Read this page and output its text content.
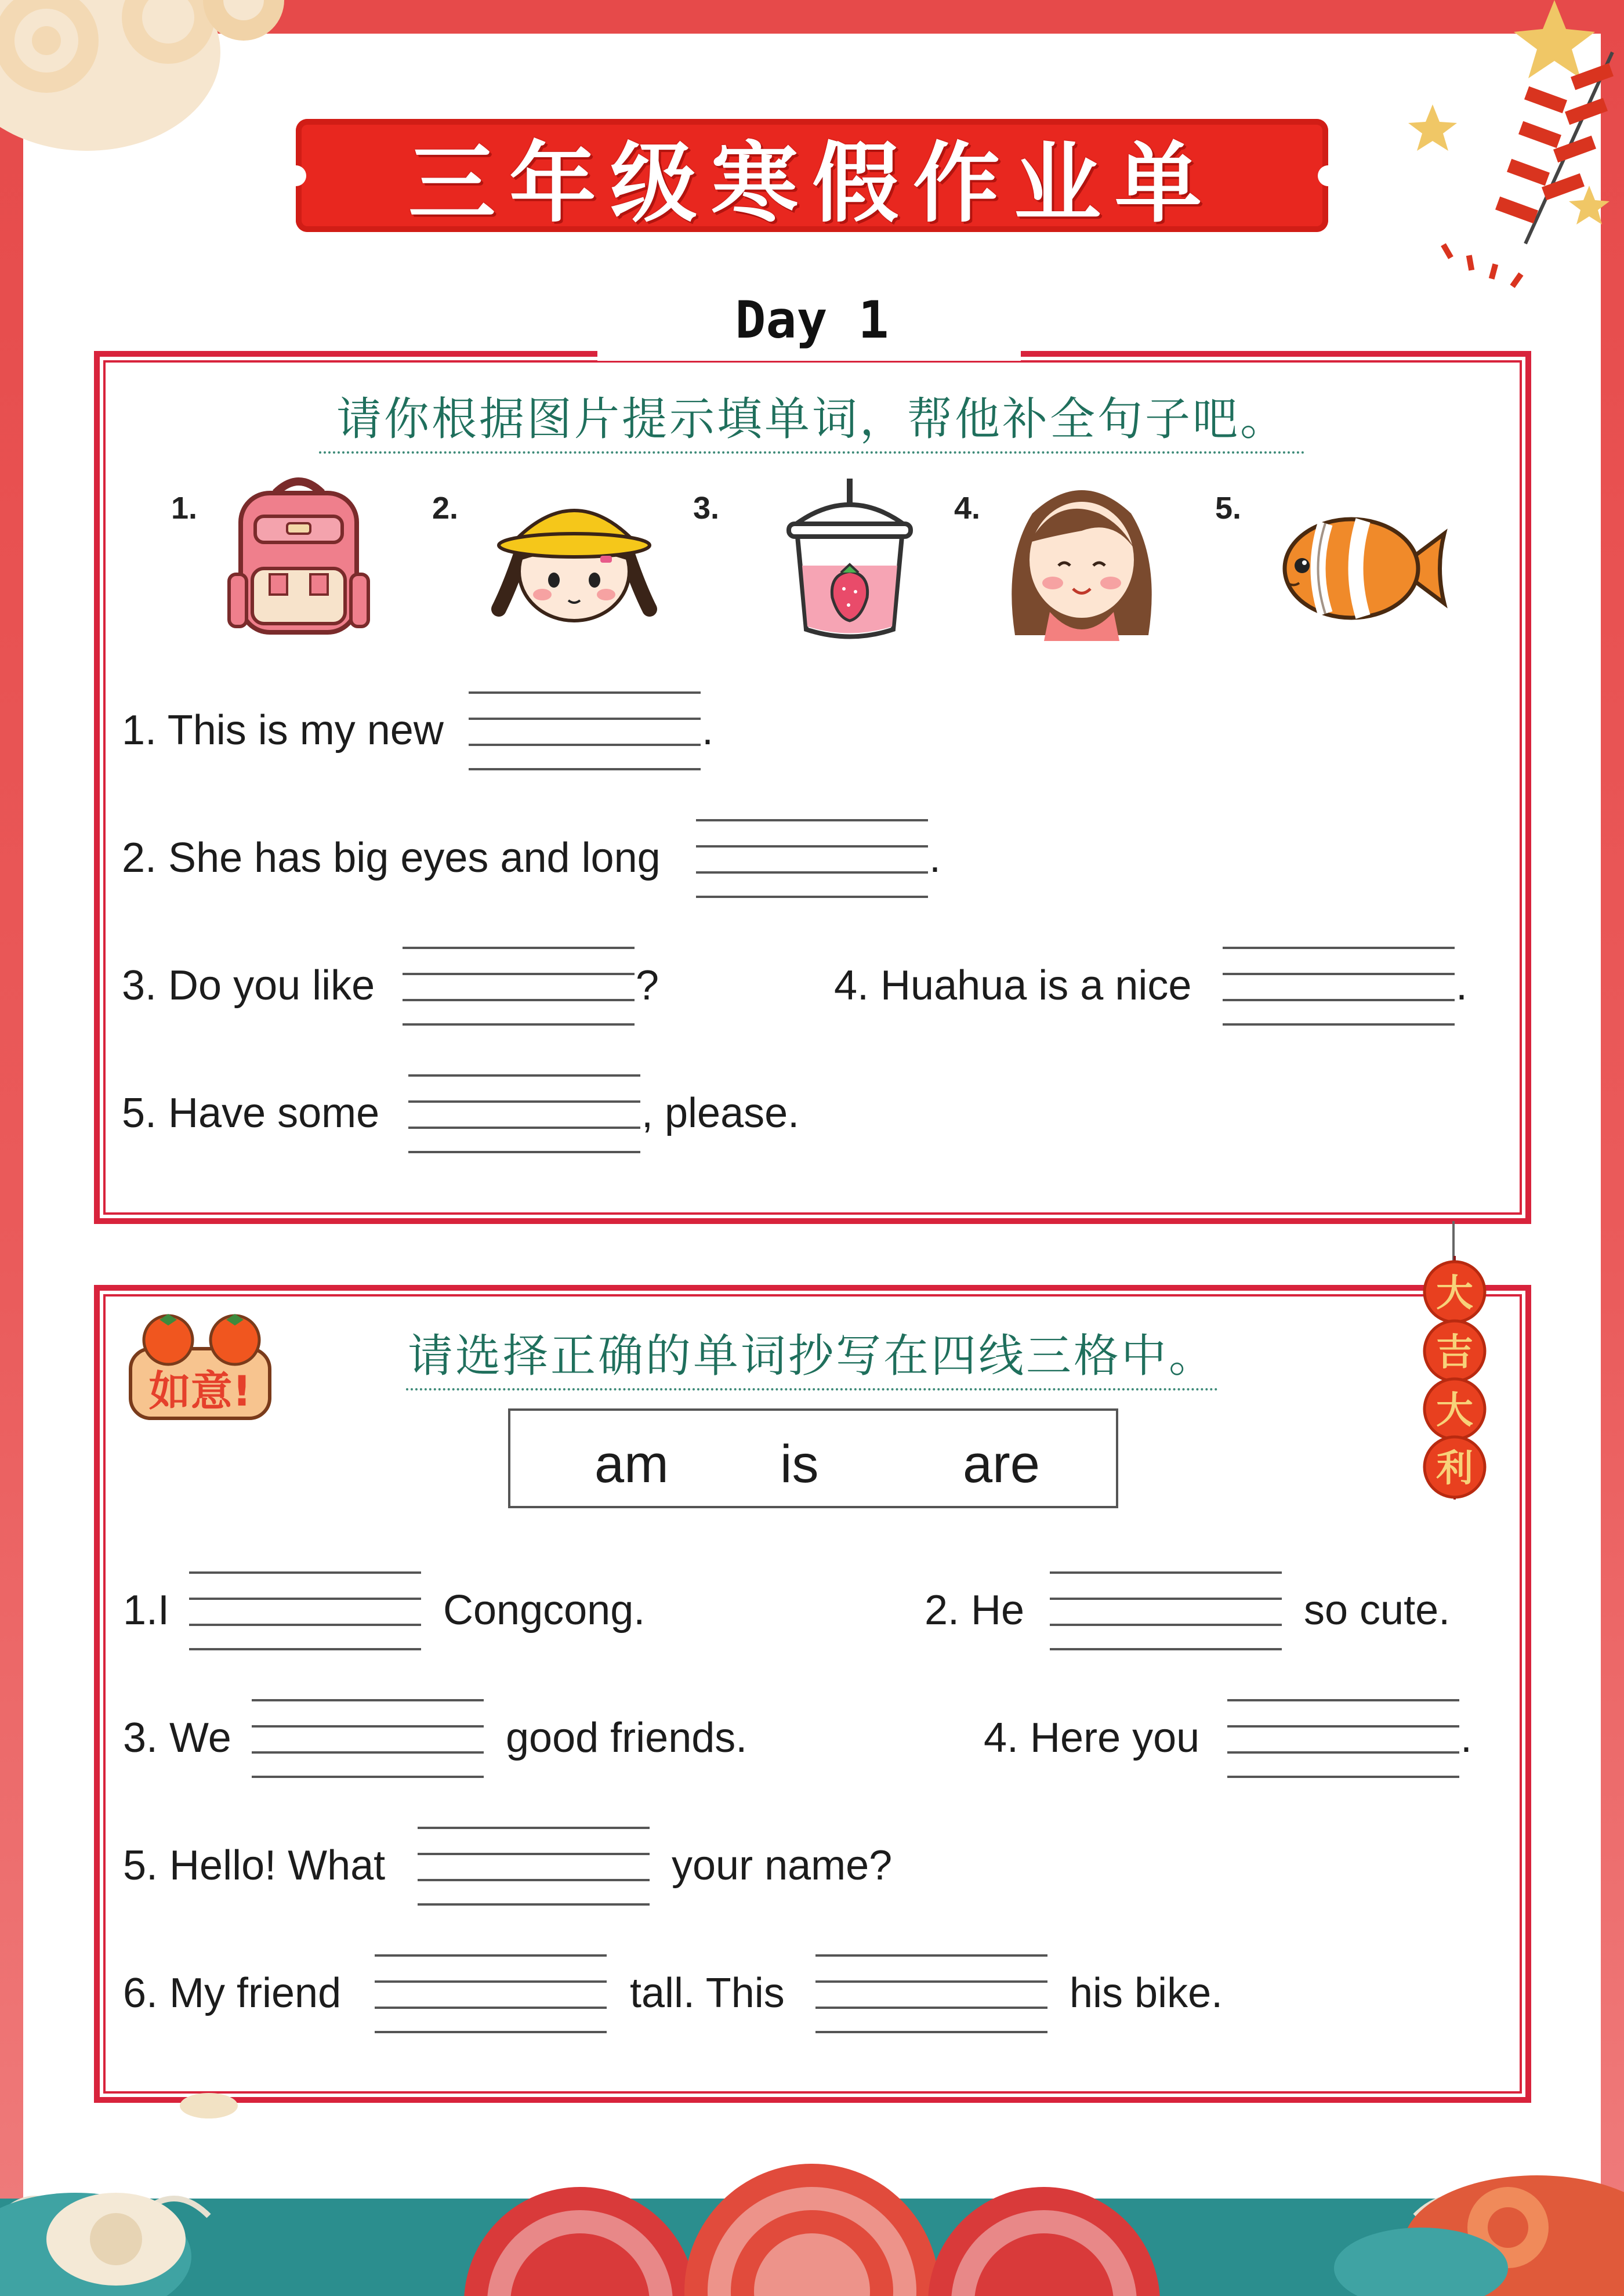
三年级寒假作业单
Day 1
请你根据图片提示填单词，帮他补全句子吧。
1.	2.	3.	4.	5.
1. This is my new	.
2. She has big eyes and long	.
3. Do you like	?	4. Huahua is a nice	.
5. Have some	, please.
如意!
请选择正确的单词抄写在四线三格中。
大
吉
大
利
am is	are
1.I	Congcong.	2. He	so cute.
3. We	good friends.	4. Here you	.
5. Hello! What	your name?
6. My friend	tall. This	his bike.
